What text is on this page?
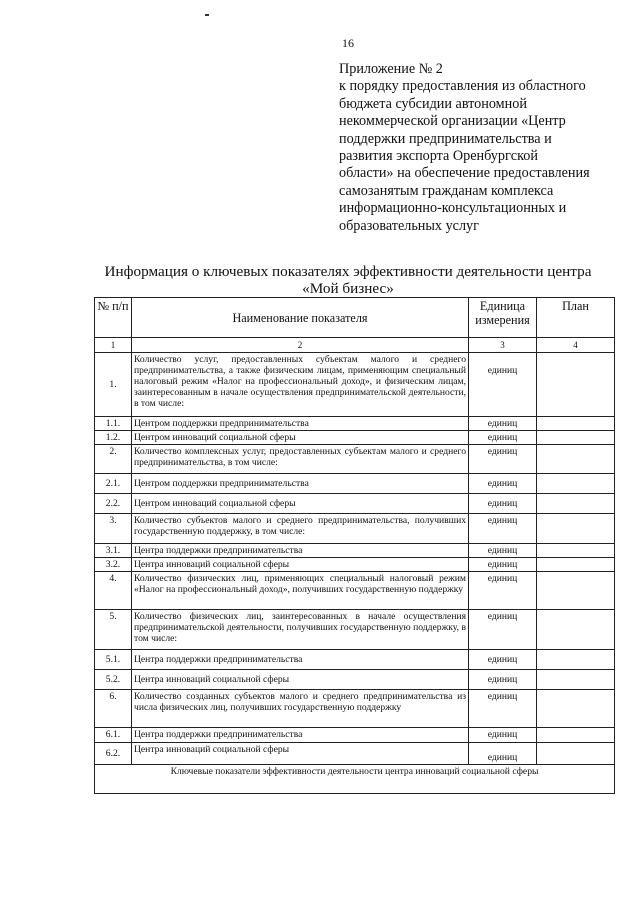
16
Приложение № 2
к порядку предоставления из областного
бюджета субсидии автономной
некоммерческой организации «Центр
поддержки предпринимательства и
развития экспорта Оренбургской
области» на обеспечение предоставления
самозанятым гражданам комплекса
информационно-консультационных и
образовательных услуг
Информация о ключевых показателях эффективности деятельности центра
«Мой бизнес»
№ п/п	Наименование показателя	Единица измерения	План
1	2	3	4
1.	Количество услуг, предоставленных субъектам малого и среднего предпринимательства, а также физическим лицам, применяющим специальный налоговый режим «Налог на профессиональный доход», и физическим лицам, заинтересованным в начале осуществления предпринимательской деятельности, в том числе:	единиц	
1.1.	Центром поддержки предпринимательства	единиц	
1.2.	Центром инноваций социальной сферы	единиц	
2.	Количество комплексных услуг, предоставленных субъектам малого и среднего предпринимательства, в том числе:	единиц	
2.1.	Центром поддержки предпринимательства	единиц	
2.2.	Центром инноваций социальной сферы	единиц	
3.	Количество субъектов малого и среднего предпринимательства, получивших государственную поддержку, в том числе:	единиц	
3.1.	Центра поддержки предпринимательства	единиц	
3.2.	Центра инноваций социальной сферы	единиц	
4.	Количество физических лиц, применяющих специальный налоговый режим «Налог на профессиональный доход», получивших государственную поддержку	единиц	
5.	Количество физических лиц, заинтересованных в начале осуществления предпринимательской деятельности, получивших государственную поддержку, в том числе:	единиц	
5.1.	Центра поддержки предпринимательства	единиц	
5.2.	Центра инноваций социальной сферы	единиц	
6.	Количество созданных субъектов малого и среднего предпринимательства из числа физических лиц, получивших государственную поддержку	единиц	
6.1.	Центра поддержки предпринимательства	единиц	
6.2.	Центра инноваций социальной сферы	единиц	
Ключевые показатели эффективности деятельности центра инноваций социальной сферы			
